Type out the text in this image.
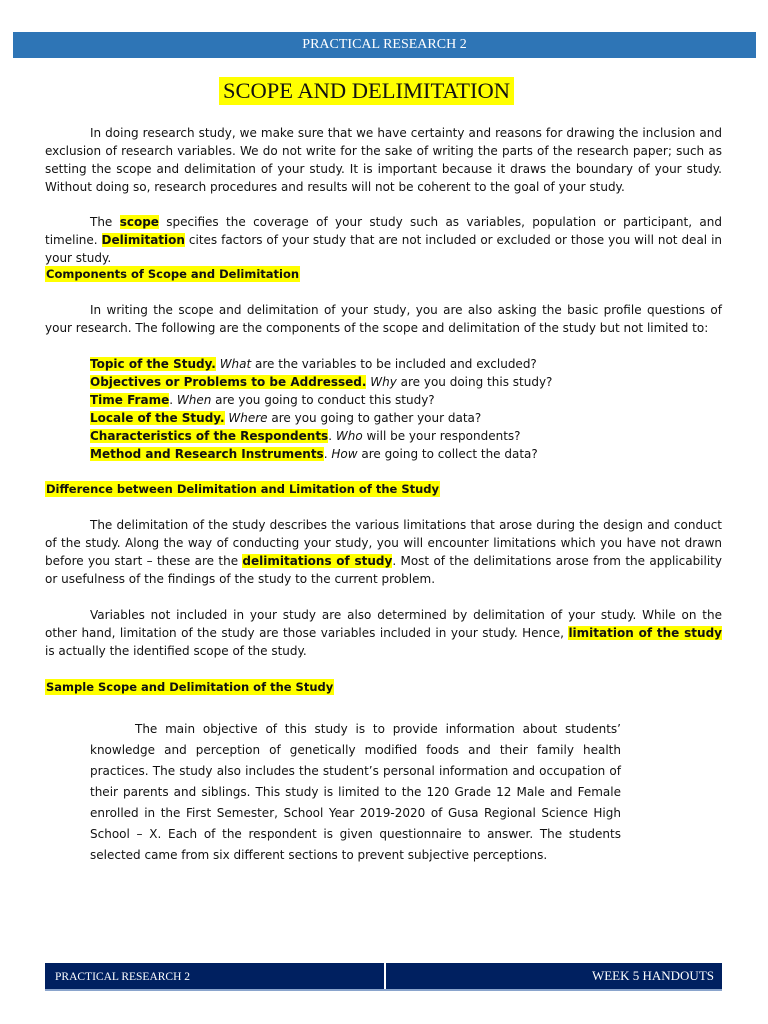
PRACTICAL RESEARCH 2
SCOPE AND DELIMITATION

In doing research study, we make sure that we have certainty and reasons for drawing the inclusion and exclusion of research variables. We do not write for the sake of writing the parts of the research paper; such as setting the scope and delimitation of your study. It is important because it draws the boundary of your study. Without doing so, research procedures and results will not be coherent to the goal of your study.

The scope specifies the coverage of your study such as variables, population or participant, and timeline. Delimitation cites factors of your study that are not included or excluded or those you will not deal in your study.

Components of Scope and Delimitation

In writing the scope and delimitation of your study, you are also asking the basic profile questions of your research. The following are the components of the scope and delimitation of the study but not limited to:

Topic of the Study. What are the variables to be included and excluded?
Objectives or Problems to be Addressed. Why are you doing this study?
Time Frame. When are you going to conduct this study?
Locale of the Study. Where are you going to gather your data?
Characteristics of the Respondents. Who will be your respondents?
Method and Research Instruments. How are going to collect the data?
Difference between Delimitation and Limitation of the Study

The delimitation of the study describes the various limitations that arose during the design and conduct of the study. Along the way of conducting your study, you will encounter limitations which you have not drawn before you start – these are the delimitations of study. Most of the delimitations arose from the applicability or usefulness of the findings of the study to the current problem.

Variables not included in your study are also determined by delimitation of your study. While on the other hand, limitation of the study are those variables included in your study. Hence, limitation of the study is actually the identified scope of the study.

Sample Scope and Delimitation of the Study

The main objective of this study is to provide information about students’ knowledge and perception of genetically modified foods and their family health practices. The study also includes the student’s personal information and occupation of their parents and siblings. This study is limited to the 120 Grade 12 Male and Female enrolled in the First Semester, School Year 2019-2020 of Gusa Regional Science High School – X. Each of the respondent is given questionnaire to answer. The students selected came from six different sections to prevent subjective perceptions.

PRACTICAL RESEARCH 2	WEEK 5 HANDOUTS
